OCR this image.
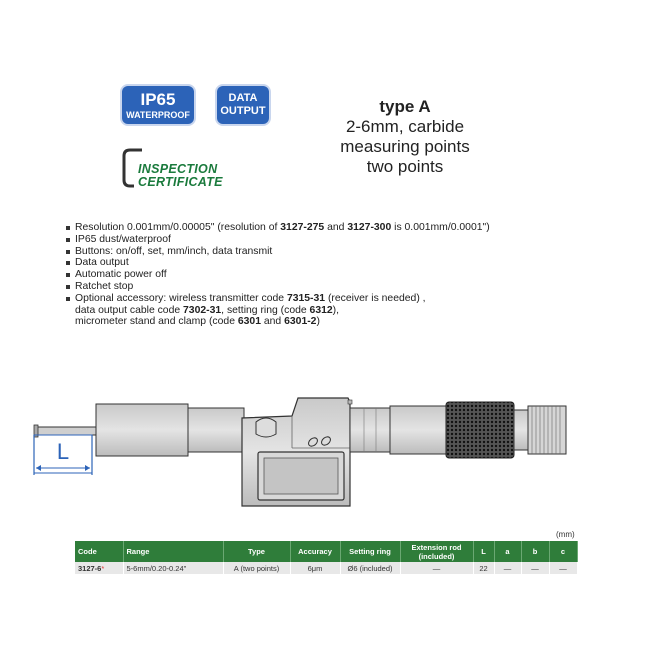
IP65
WATERPROOF
DATA
OUTPUT
INSPECTION
CERTIFICATE
type A
2-6mm, carbide
measuring points
two points
Resolution 0.001mm/0.00005" (resolution of 3127-275 and 3127-300 is 0.001mm/0.0001")
IP65 dust/waterproof
Buttons: on/off, set, mm/inch, data transmit
Data output
Automatic power off
Ratchet stop
Optional accessory: wireless transmitter code 7315-31 (receiver is needed) ,
data output cable code 7302-31, setting ring (code 6312),
micrometer stand and clamp (code 6301 and 6301-2)
L
(mm)
Code	Range	Type	Accuracy	Setting ring	Extension rod
(included)	L	a	b	c
3127-6*	5-6mm/0.20-0.24"	A (two points)	6μm	Ø6 (included)	—	22	—	—	—
